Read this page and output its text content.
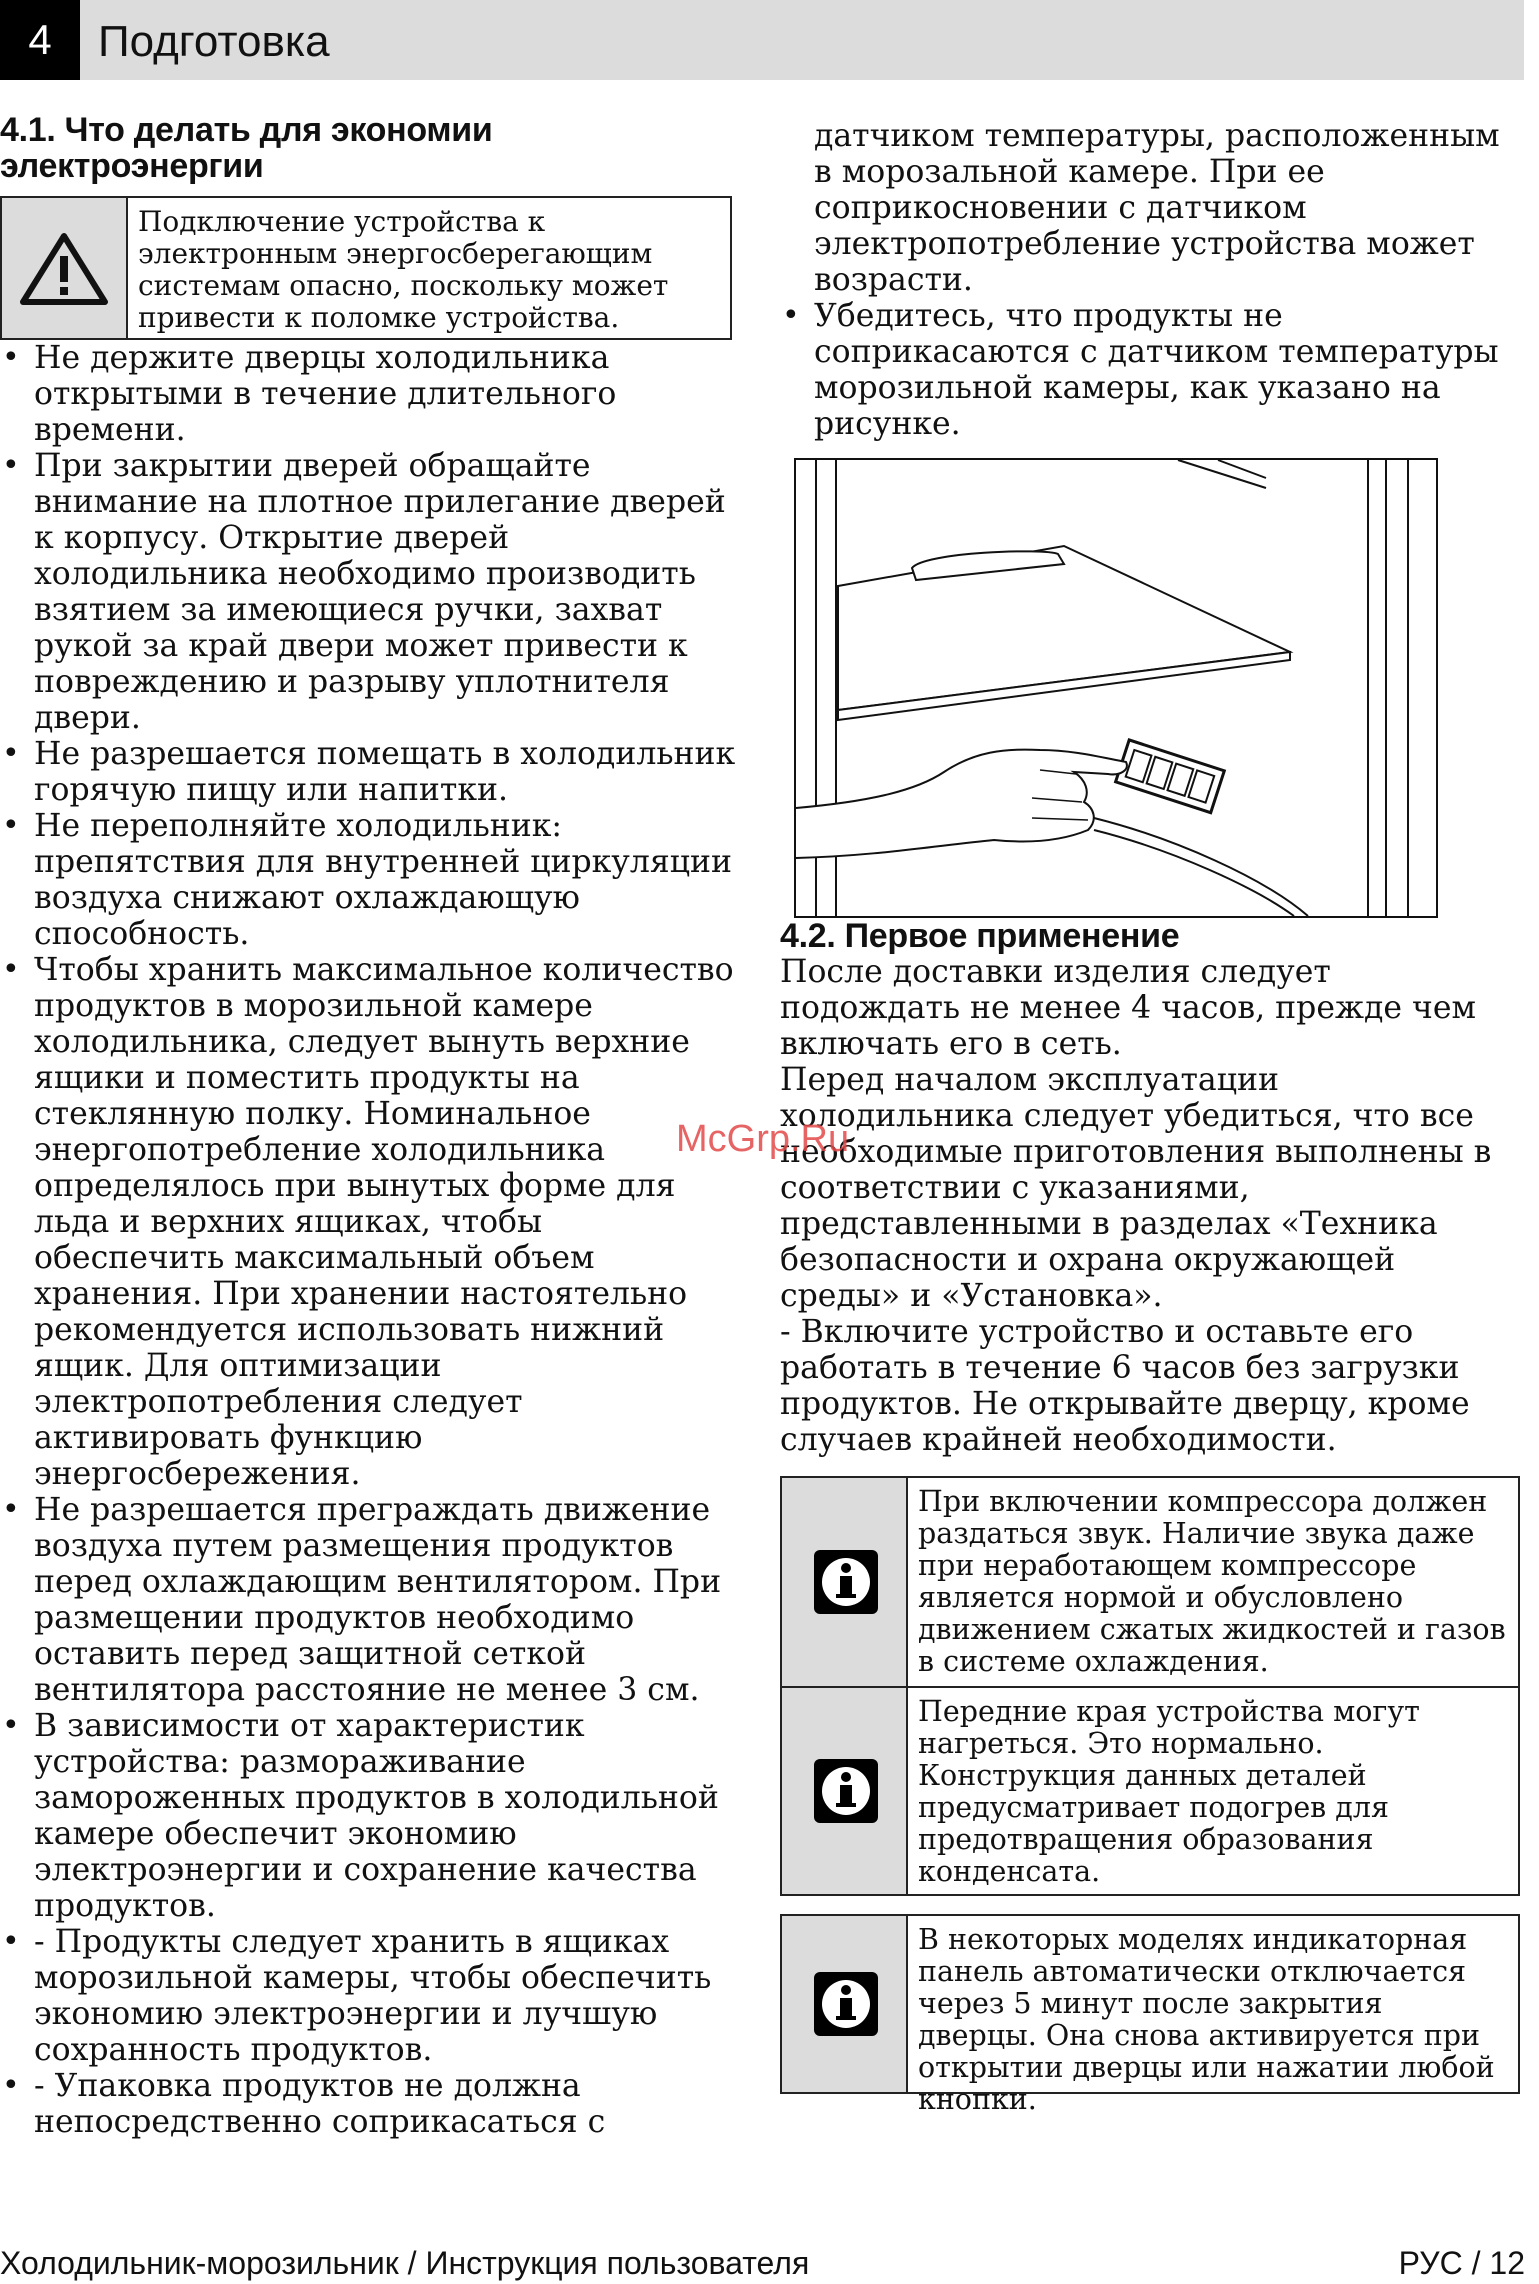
4	Подготовка
4.1. Что делать для экономии
электроэнергии
Подключение устройства к электронным энергосберегающим системам опасно, поскольку может привести к поломке устройства.
• Не держите дверцы холодильника открытыми в течение длительного времени.
• При закрытии дверей обращайте внимание на плотное прилегание дверей к корпусу. Открытие дверей холодильника необходимо производить взятием за имеющиеся ручки, захват рукой за край двери может привести к повреждению и разрыву уплотнителя двери.
• Не разрешается помещать в холодильник горячую пищу или напитки.
• Не переполняйте холодильник: препятствия для внутренней циркуляции воздуха снижают охлаждающую способность.
• Чтобы хранить максимальное количество продуктов в морозильной камере холодильника, следует вынуть верхние ящики и поместить продукты на стеклянную полку. Номинальное энергопотребление холодильника определялось при вынутых форме для льда и верхних ящиках, чтобы обеспечить максимальный объем хранения. При хранении настоятельно рекомендуется использовать нижний ящик. Для оптимизации электропотребления следует активировать функцию энергосбережения.
• Не разрешается преграждать движение воздуха путем размещения продуктов перед охлаждающим вентилятором. При размещении продуктов необходимо оставить перед защитной сеткой вентилятора расстояние не менее 3 см.
• В зависимости от характеристик устройства: размораживание замороженных продуктов в холодильной камере обеспечит экономию электроэнергии и сохранение качества продуктов.
• - Продукты следует хранить в ящиках морозильной камеры, чтобы обеспечить экономию электроэнергии и лучшую сохранность продуктов.
• - Упаковка продуктов не должна непосредственно соприкасаться с
датчиком температуры, расположенным в морозальной камере. При ее соприкосновении с датчиком электропотребление устройства может возрасти.
• Убедитесь, что продукты не соприкасаются с датчиком температуры морозильной камеры, как указано на рисунке.
4.2. Первое применение

После доставки изделия следует подождать не менее 4 часов, прежде чем включать его в сеть.

Перед началом эксплуатации холодильника следует убедиться, что все необходимые приготовления выполнены в соответствии с указаниями, представленными в разделах «Техника безопасности и охрана окружающей среды» и «Установка».

- Включите устройство и оставьте его работать в течение 6 часов без загрузки продуктов. Не открывайте дверцу, кроме случаев крайней необходимости.

При включении компрессора должен раздаться звук. Наличие звука даже при неработающем компрессоре является нормой и обусловлено движением сжатых жидкостей и газов в системе охлаждения.
Передние края устройства могут нагреться. Это нормально. Конструкция данных деталей предусматривает подогрев для предотвращения образования конденсата.
В некоторых моделях индикаторная панель автоматически отключается через 5 минут после закрытия дверцы. Она снова активируется при открытии дверцы или нажатии любой кнопки.
McGrp.Ru
Холодильник-морозильник / Инструкция пользователя	РУС / 12
